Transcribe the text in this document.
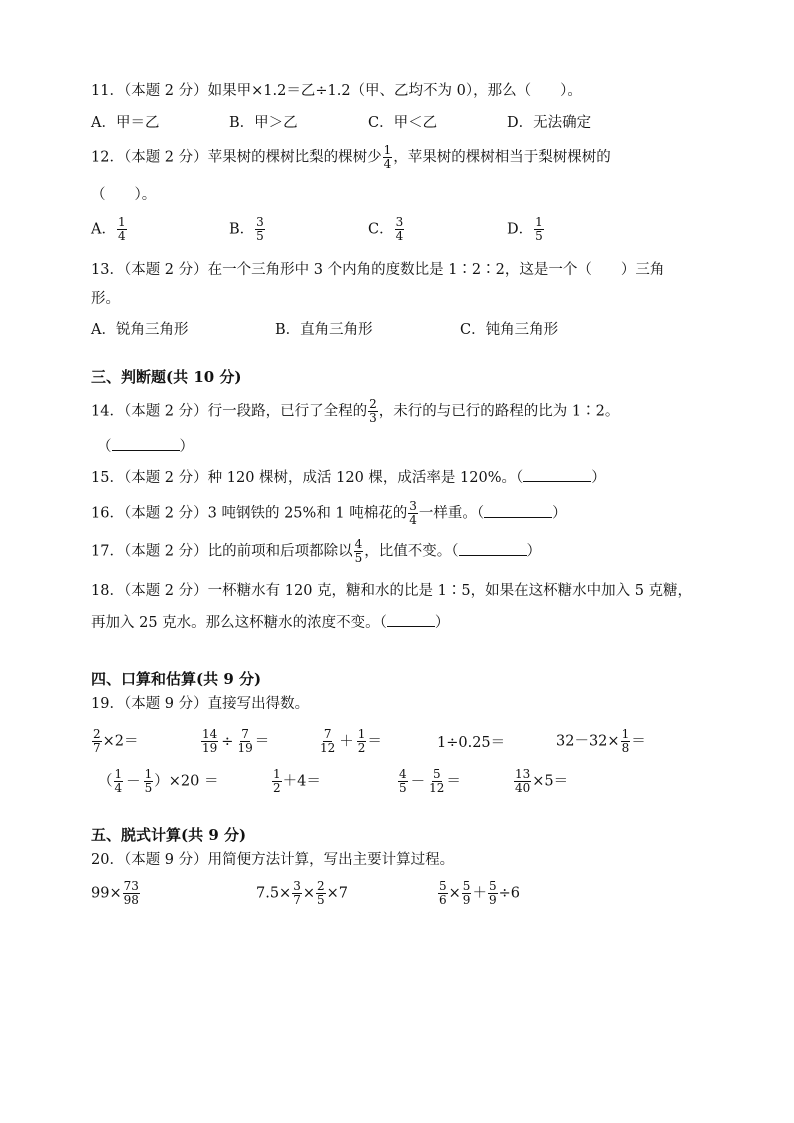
11．（本题 2 分）如果甲×1.2＝乙÷1.2（甲、乙均不为 0），那么（　　）。
A．甲＝乙	B．甲＞乙	C．甲＜乙	D．无法确定
12．（本题 2 分）苹果树的棵树比梨的棵树少 $\frac{1}{4}$ ，苹果树的棵树相当于梨树棵树的
（　　）。
A． $\frac{1}{4}$	B． $\frac{3}{5}$	C． $\frac{3}{4}$	D． $\frac{1}{5}$
13．（本题 2 分）在一个三角形中 3 个内角的度数比是 1∶2∶2，这是一个（　　）三角
形。
A．锐角三角形	B．直角三角形	C．钝角三角形
三、判断题(共 10 分)
14．（本题 2 分）行一段路，已行了全程的 $\frac{2}{3}$ ，未行的与已行的路程的比为 1∶2。
（	）
15．（本题 2 分）种 120 棵树，成活 120 棵，成活率是 120%。（	）
16．（本题 2 分）3 吨钢铁的 25%和 1 吨棉花的 $\frac{3}{4}$ 一样重。（	）
17．（本题 2 分）比的前项和后项都除以 $\frac{4}{5}$ ，比值不变。（	）
18．（本题 2 分）一杯糖水有 120 克，糖和水的比是 1∶5，如果在这杯糖水中加入 5 克糖，
再加入 25 克水。那么这杯糖水的浓度不变。（	）
四、口算和估算(共 9 分)
19．（本题 9 分）直接写出得数。
$\frac{2}{7} \times 2=$	$\frac{14}{19} \div \frac{7}{19}$ ＝	$\frac{7}{12} + \frac{1}{2}$ ＝	1÷0.25＝	$32-32\times \frac{1}{8}$ ＝
（ $\frac{1}{4} - \frac{1}{5} )\times 20$ ＝	$\frac{1}{2} +4=$	$\frac{4}{5} - \frac{5}{12}$ ＝	$\frac{13}{40} \times 5=$
五、脱式计算(共 9 分)
20．（本题 9 分）用简便方法计算，写出主要计算过程。
$99\times \frac{73}{98}$	$7.5\times \frac{3}{7} \times \frac{2}{5} \times 7$	$\frac{5}{6} \times \frac{5}{9} + \frac{5}{9} \div 6$
